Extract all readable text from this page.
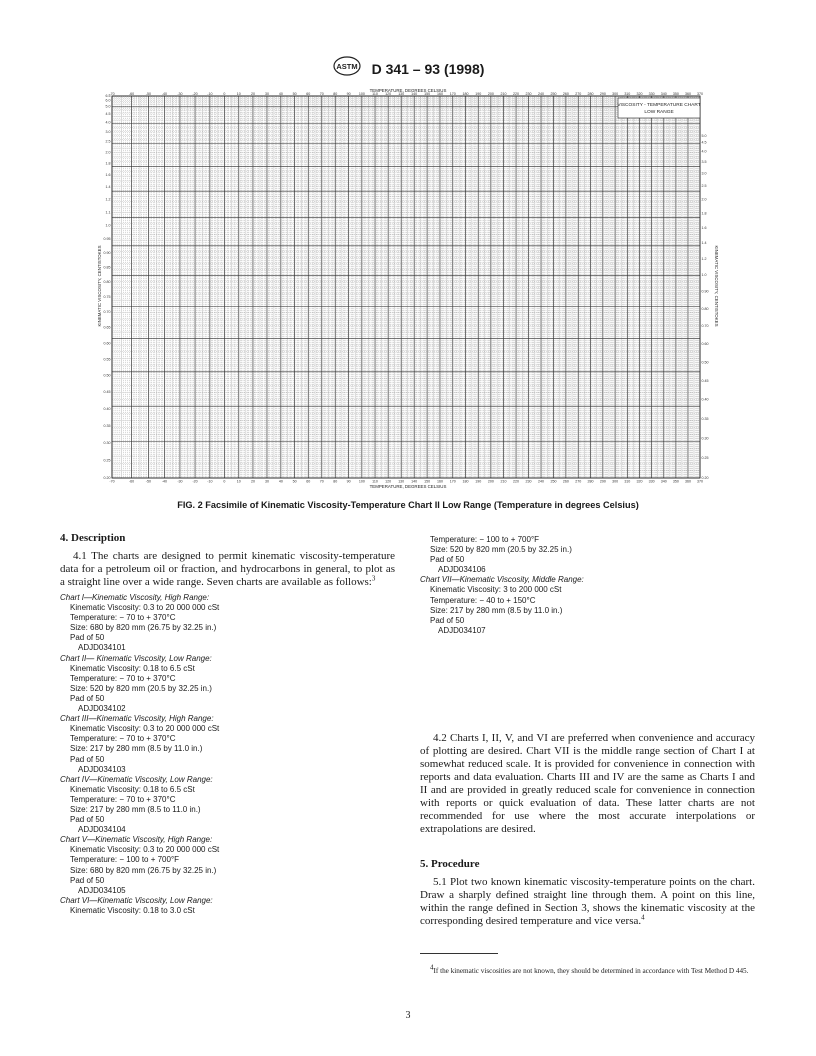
ASTM D 341 – 93 (1998)
-70
-70
-60
-60
-50
-50
-40
-40
-30
-30
-20
-20
-10
-10
0
0
10
10
20
20
30
30
40
40
50
50
60
60
70
70
80
80
90
90
100
100
110
110
120
120
130
130
140
140
150
150
160
160
170
170
180
180
190
190
200
200
210
210
220
220
230
230
240
240
250
250
260
260
270
270
280
280
290
290
300
300
310
310
320
320
330
330
340
340
350
350
360
360
370
370
6.5
6.0
5.0
4.5
4.0
3.0
2.5
2.0
1.8
1.6
1.4
1.2
1.1
1.0
0.95
0.90
0.85
0.80
0.75
0.70
0.65
0.60
0.55
0.50
0.45
0.40
0.35
0.30
0.25
0.20
5.0
4.5
4.0
3.5
3.0
2.5
2.0
1.8
1.6
1.4
1.2
1.0
0.90
0.80
0.70
0.60
0.50
0.45
0.40
0.35
0.30
0.25
0.20
TEMPERATURE, DEGREES CELSIUS
TEMPERATURE, DEGREES CELSIUS
KINEMATIC VISCOSITY, CENTISTOKES	KINEMATIC VISCOSITY, CENTISTOKES
VISCOSITY - TEMPERATURE CHART
LOW RANGE
FIG. 2 Facsimile of Kinematic Viscosity-Temperature Chart II Low Range (Temperature in degrees Celsius)
4. Description

4.1 The charts are designed to permit kinematic viscosity-temperature data for a petroleum oil or fraction, and hydrocarbons in general, to plot as a straight line over a wide range. Seven charts are available as follows:$^3$

Chart I—Kinematic Viscosity, High Range:
Kinematic Viscosity: 0.3 to 20 000 000 cSt
Temperature: − 70 to + 370°C
Size: 680 by 820 mm (26.75 by 32.25 in.)
Pad of 50
ADJD034101
Chart II— Kinematic Viscosity, Low Range:
Kinematic Viscosity: 0.18 to 6.5 cSt
Temperature: − 70 to + 370°C
Size: 520 by 820 mm (20.5 by 32.25 in.)
Pad of 50
ADJD034102
Chart III—Kinematic Viscosity, High Range:
Kinematic Viscosity: 0.3 to 20 000 000 cSt
Temperature: − 70 to + 370°C
Size: 217 by 280 mm (8.5 by 11.0 in.)
Pad of 50
ADJD034103
Chart IV—Kinematic Viscosity, Low Range:
Kinematic Viscosity: 0.18 to 6.5 cSt
Temperature: − 70 to + 370°C
Size: 217 by 280 mm (8.5 to 11.0 in.)
Pad of 50
ADJD034104
Chart V—Kinematic Viscosity, High Range:
Kinematic Viscosity: 0.3 to 20 000 000 cSt
Temperature: − 100 to + 700°F
Size: 680 by 820 mm (26.75 by 32.25 in.)
Pad of 50
ADJD034105
Chart VI—Kinematic Viscosity, Low Range:
Kinematic Viscosity: 0.18 to 3.0 cSt
Temperature: − 100 to + 700°F
Size: 520 by 820 mm (20.5 by 32.25 in.)
Pad of 50
ADJD034106
Chart VII—Kinematic Viscosity, Middle Range:
Kinematic Viscosity: 3 to 200 000 cSt
Temperature: − 40 to + 150°C
Size: 217 by 280 mm (8.5 by 11.0 in.)
Pad of 50
ADJD034107

4.2 Charts I, II, V, and VI are preferred when convenience and accuracy of plotting are desired. Chart VII is the middle range section of Chart I at somewhat reduced scale. It is provided for convenience in connection with reports and data evaluation. Charts III and IV are the same as Charts I and II and are provided in greatly reduced scale for convenience in connection with reports or quick evaluation of data. These latter charts are not recommended for use where the most accurate interpolations or extrapolations are desired.

5. Procedure

5.1 Plot two known kinematic viscosity-temperature points on the chart. Draw a sharply defined straight line through them. A point on this line, within the range defined in Section 3, shows the kinematic viscosity at the corresponding desired temperature and vice versa.$^4$

$^4$If the kinematic viscosities are not known, they should be determined in accordance with Test Method D 445.

3
